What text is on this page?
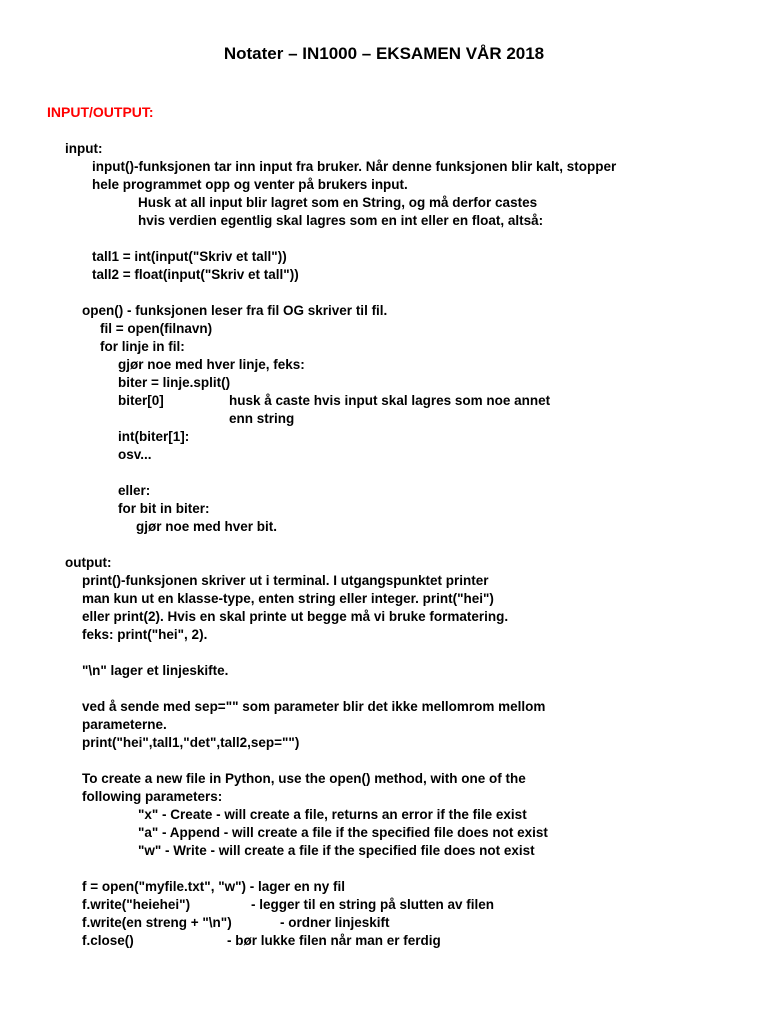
Notater – IN1000 – EKSAMEN VÅR 2018
INPUT/OUTPUT:
input:
input()-funksjonen tar inn input fra bruker. Når denne funksjonen blir kalt, stopper
hele programmet opp og venter på brukers input.
Husk at all input blir lagret som en String, og må derfor castes
hvis verdien egentlig skal lagres som en int eller en float, altså:
tall1 = int(input("Skriv et tall"))
tall2 = float(input("Skriv et tall"))
open() - funksjonen leser fra fil OG skriver til fil.
fil = open(filnavn)
for linje in fil:
gjør noe med hver linje, feks:
biter = linje.split()
biter[0]	husk å caste hvis input skal lagres som noe annet
enn string
int(biter[1]:
osv...
eller:
for bit in biter:
gjør noe med hver bit.
output:
print()-funksjonen skriver ut i terminal. I utgangspunktet printer
man kun ut en klasse-type, enten string eller integer. print("hei")
eller print(2). Hvis en skal printe ut begge må vi bruke formatering.
feks: print("hei", 2).
"\n" lager et linjeskifte.
ved å sende med sep="" som parameter blir det ikke mellomrom mellom
parameterne.
print("hei",tall1,"det",tall2,sep="")
To create a new file in Python, use the open() method, with one of the
following parameters:
"x" - Create - will create a file, returns an error if the file exist
"a" - Append - will create a file if the specified file does not exist
"w" - Write - will create a file if the specified file does not exist
f = open("myfile.txt", "w") - lager en ny fil
f.write("heiehei")	- legger til en string på slutten av filen
f.write(en streng + "\n")	- ordner linjeskift
f.close()	- bør lukke filen når man er ferdig
